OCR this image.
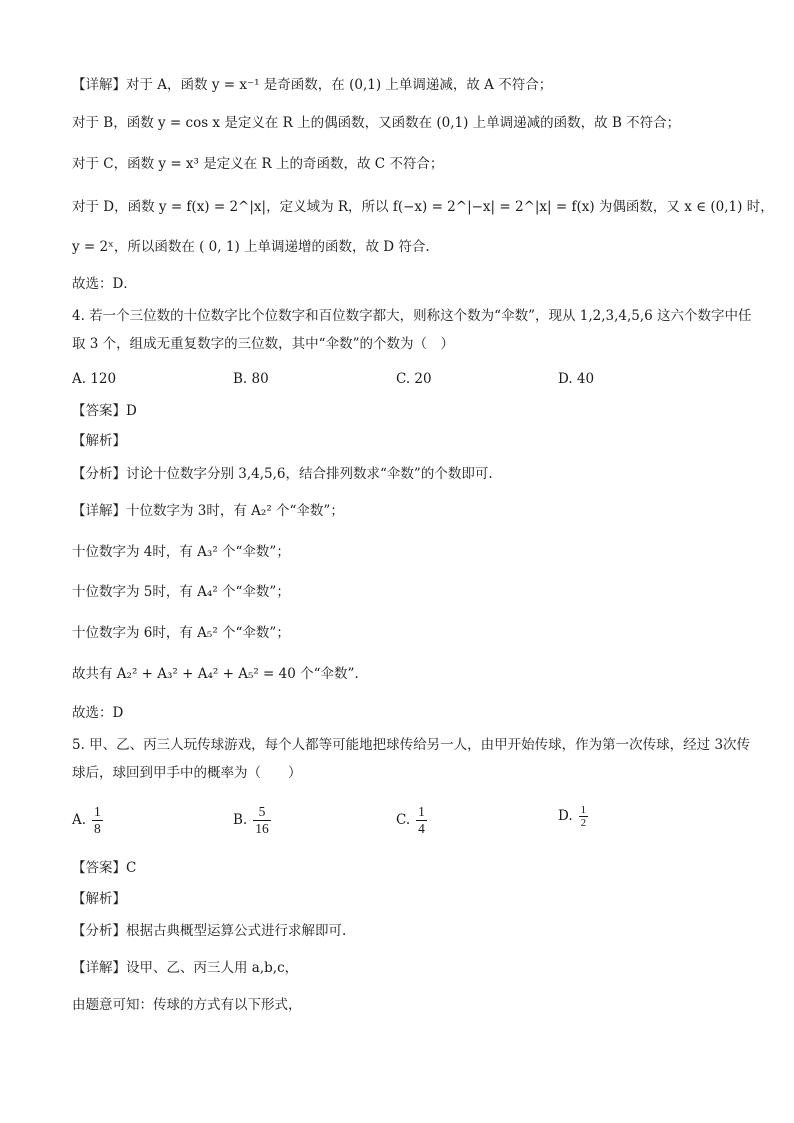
【详解】对于 A，函数 y = x⁻¹ 是奇函数，在 (0,1) 上单调递减，故 A 不符合；
对于 B，函数 y = cos x 是定义在 R 上的偶函数，又函数在 (0,1) 上单调递减的函数，故 B 不符合；
对于 C，函数 y = x³ 是定义在 R 上的奇函数，故 C 不符合；
对于 D，函数 y = f(x) = 2^|x|，定义域为 R，所以 f(−x) = 2^|−x| = 2^|x| = f(x) 为偶函数，又 x ∈ (0,1) 时，
y = 2ˣ，所以函数在 ( 0, 1) 上单调递增的函数，故 D 符合.
故选：D．
4. 若一个三位数的十位数字比个位数字和百位数字都大，则称这个数为“伞数”，现从 1,2,3,4,5,6 这六个数字中任取 3 个，组成无重复数字的三位数，其中“伞数”的个数为（　）
A. 120	B. 80	C. 20	D. 40
【答案】D
【解析】
【分析】讨论十位数字分别 3,4,5,6，结合排列数求“伞数”的个数即可.
【详解】十位数字为 3时，有 A₂² 个“伞数”；
十位数字为 4时，有 A₃² 个“伞数”；
十位数字为 5时，有 A₄² 个“伞数”；
十位数字为 6时，有 A₅² 个“伞数”；
故共有 A₂² + A₃² + A₄² + A₅² = 40 个“伞数”.
故选：D
5. 甲、乙、丙三人玩传球游戏，每个人都等可能地把球传给另一人，由甲开始传球，作为第一次传球，经过 3次传球后，球回到甲手中的概率为（　　）
A. $\frac{1}{8}$	B. $\frac{5}{16}$	C. $\frac{1}{4}$	D. $\frac{1}{2}$
【答案】C
【解析】
【分析】根据古典概型运算公式进行求解即可.
【详解】设甲、乙、丙三人用 a,b,c，
由题意可知：传球的方式有以下形式，
